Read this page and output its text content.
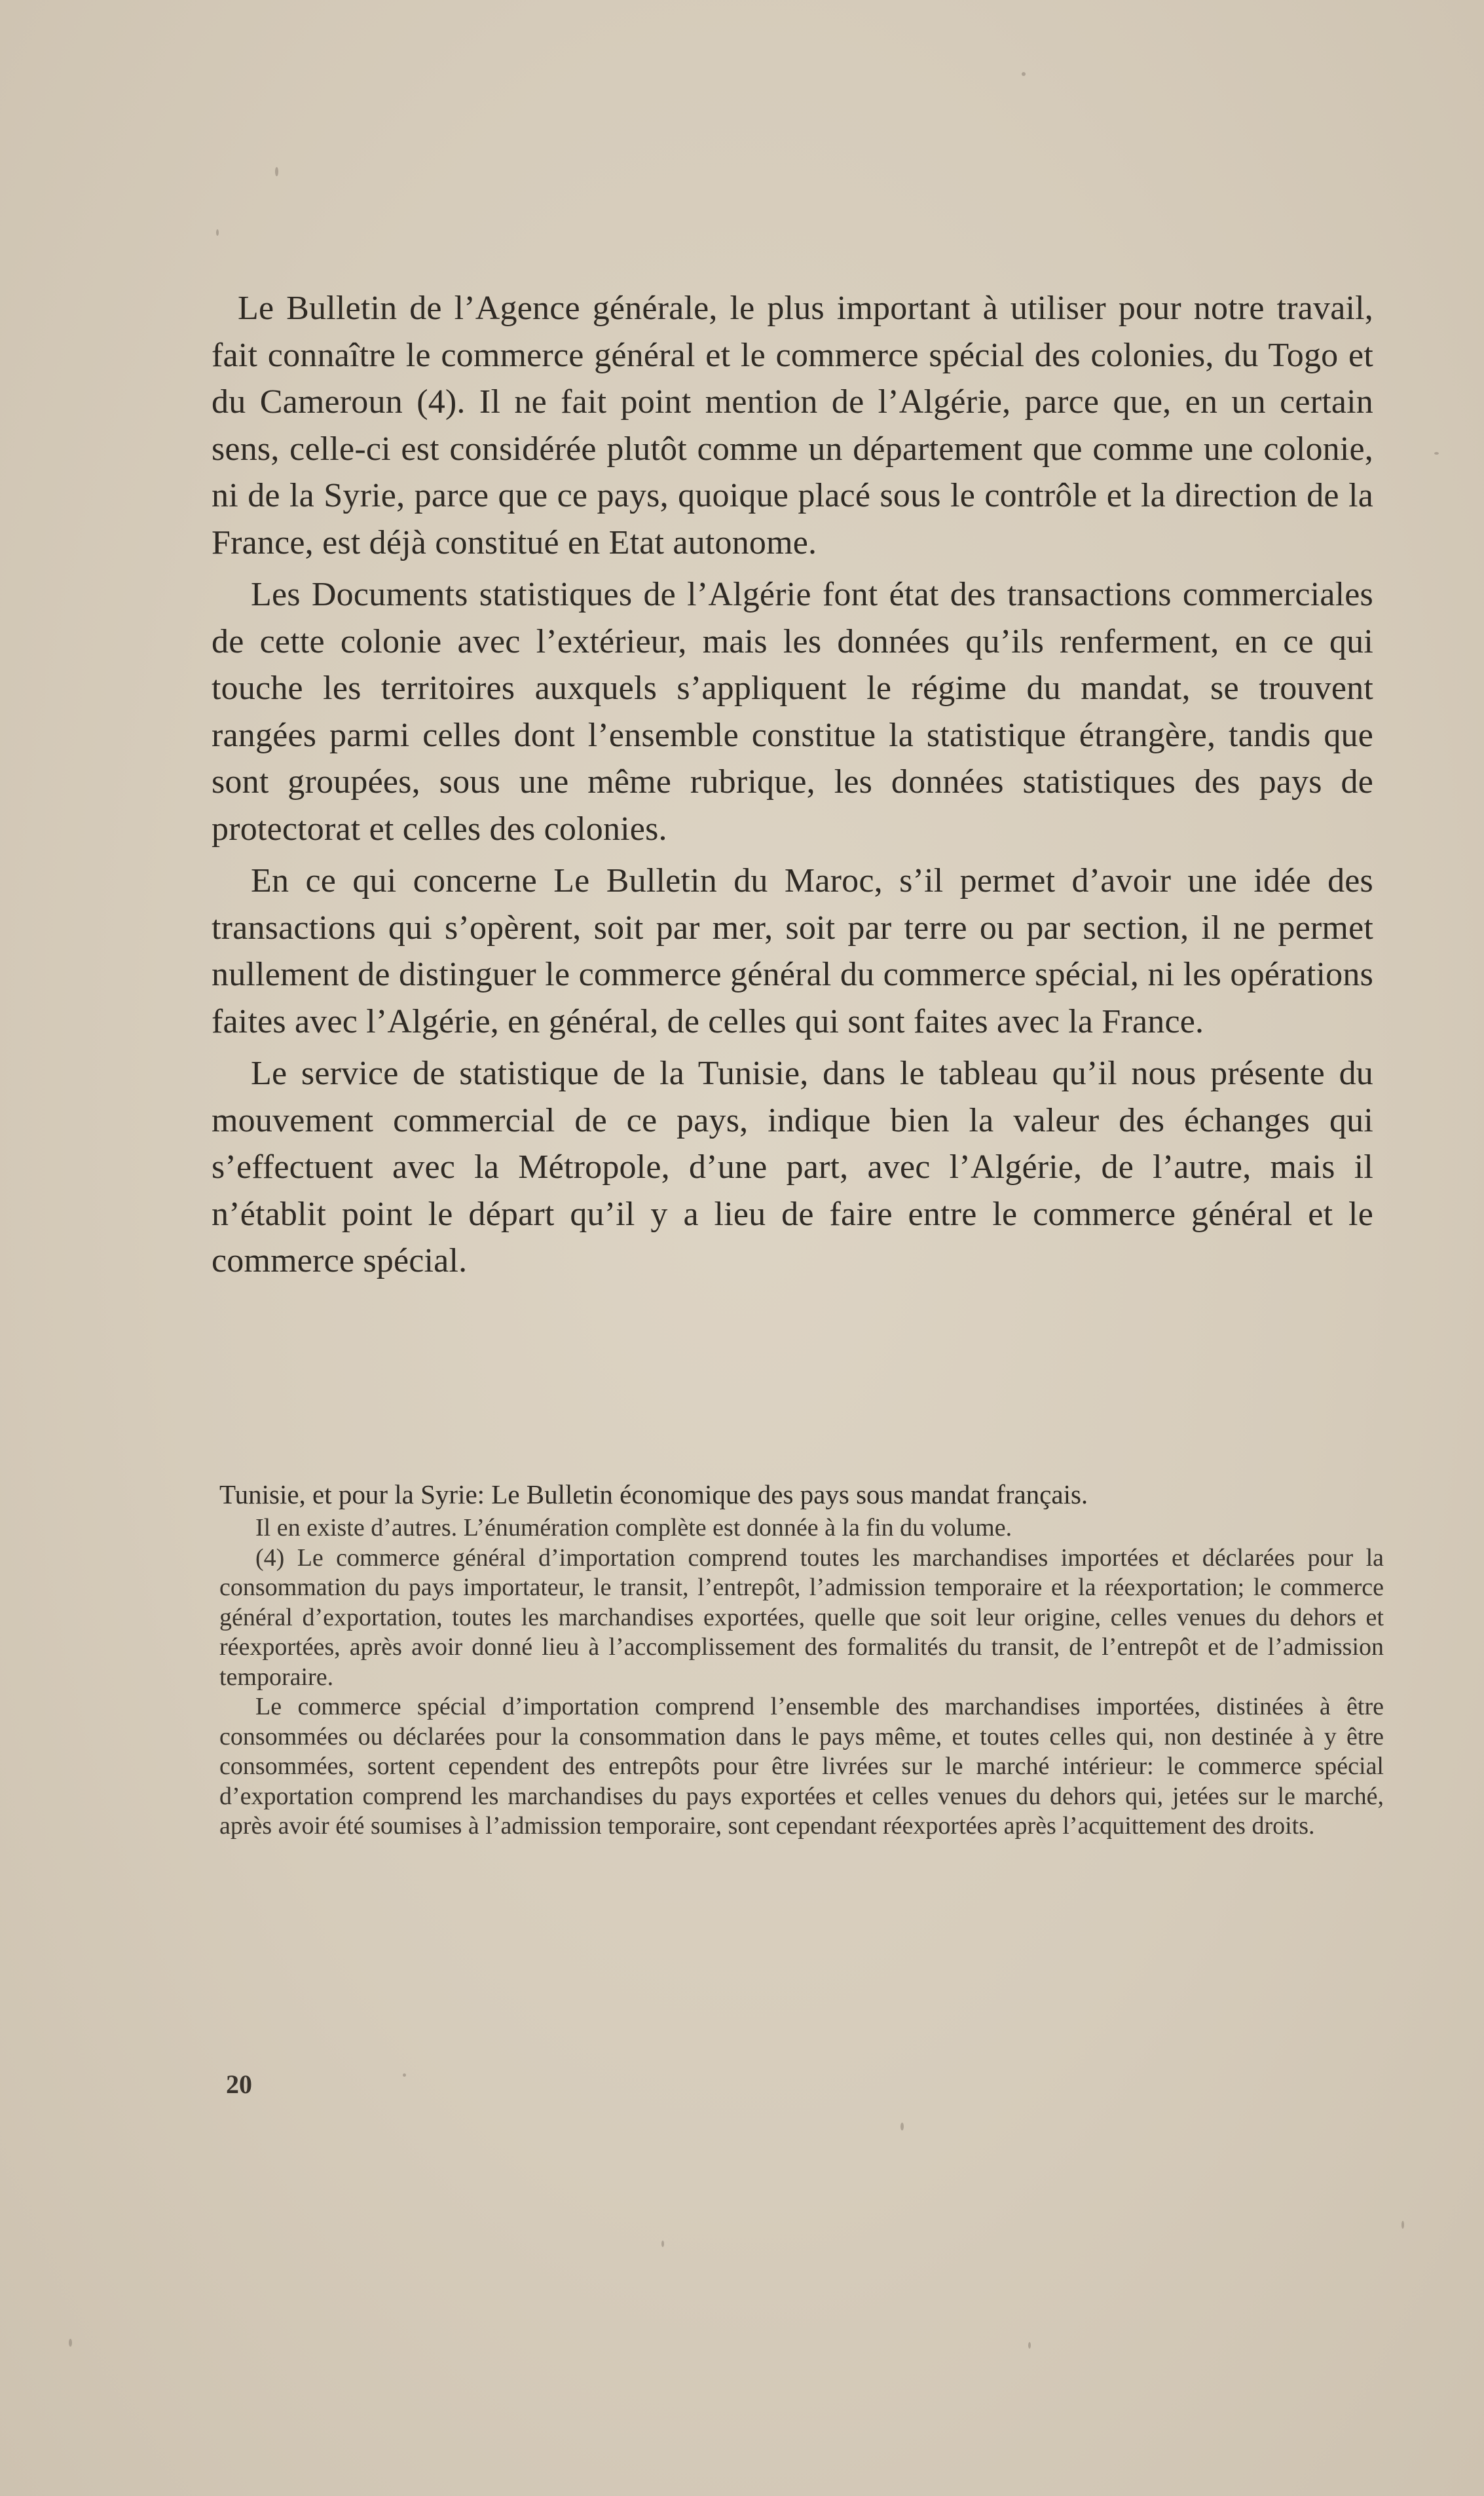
Le Bulletin de l’Agence générale, le plus important à utiliser pour notre travail, fait connaître le commerce général et le commerce spécial des colonies, du Togo et du Cameroun (4). Il ne fait point mention de l’Algérie, parce que, en un certain sens, celle-ci est considérée plutôt comme un département que comme une colonie, ni de la Syrie, parce que ce pays, quoique placé sous le contrôle et la direction de la France, est déjà constitué en Etat autonome.

Les Documents statistiques de l’Algérie font état des transactions commerciales de cette colonie avec l’extérieur, mais les données qu’ils renferment, en ce qui touche les territoires auxquels s’appliquent le régime du mandat, se trouvent rangées parmi celles dont l’ensemble constitue la statistique étrangère, tandis que sont groupées, sous une même rubrique, les données statistiques des pays de protectorat et celles des colonies.

En ce qui concerne Le Bulletin du Maroc, s’il permet d’avoir une idée des transactions qui s’opèrent, soit par mer, soit par terre ou par section, il ne permet nullement de distinguer le commerce général du commerce spécial, ni les opérations faites avec l’Algérie, en général, de celles qui sont faites avec la France.

Le service de statistique de la Tunisie, dans le tableau qu’il nous présente du mouvement commercial de ce pays, indique bien la valeur des échanges qui s’effectuent avec la Métropole, d’une part, avec l’Algérie, de l’autre, mais il n’établit point le départ qu’il y a lieu de faire entre le commerce général et le commerce spécial.

Tunisie, et pour la Syrie: Le Bulletin économique des pays sous mandat français.

Il en existe d’autres. L’énumération complète est donnée à la fin du volume.

(4) Le commerce général d’importation comprend toutes les marchandises importées et déclarées pour la consommation du pays importateur, le transit, l’entrepôt, l’admission temporaire et la réexportation; le commerce général d’exportation, toutes les marchandises exportées, quelle que soit leur origine, celles venues du dehors et réexportées, après avoir donné lieu à l’accomplissement des formalités du transit, de l’entrepôt et de l’admission temporaire.

Le commerce spécial d’importation comprend l’ensemble des marchandises importées, distinées à être consommées ou déclarées pour la consommation dans le pays même, et toutes celles qui, non destinée à y être consommées, sortent cependent des entrepôts pour être livrées sur le marché intérieur: le commerce spécial d’exportation comprend les marchandises du pays exportées et celles venues du dehors qui, jetées sur le marché, après avoir été soumises à l’admission temporaire, sont cependant réexportées après l’acquittement des droits.

20
